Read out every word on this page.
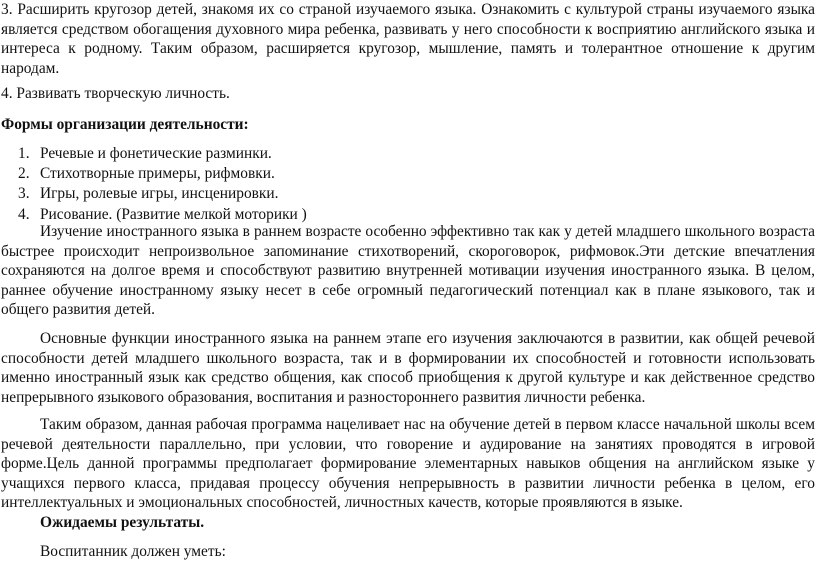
3. Расширить кругозор детей, знакомя их со страной изучаемого языка. Ознакомить с культурой страны изучаемого языка является средством обогащения духовного мира ребенка, развивать у него способности к восприятию английского языка и интереса к родному. Таким образом, расширяется кругозор, мышление, память и толерантное отношение к другим народам.

4. Развивать творческую личность.

Формы организации деятельности:

1. Речевые и фонетические разминки.
2. Стихотворные примеры, рифмовки.
3. Игры, ролевые игры, инсценировки.
4. Рисование. (Развитие мелкой моторики )

Изучение иностранного языка в раннем возрасте особенно эффективно так как у детей младшего школьного возраста быстрее происходит непроизвольное запоминание стихотворений, скороговорок, рифмовок.Эти детские впечатления сохраняются на долгое время и способствуют развитию внутренней мотивации изучения иностранного языка. В целом, раннее обучение иностранному языку несет в себе огромный педагогический потенциал как в плане языкового, так и общего развития детей.

Основные функции иностранного языка на раннем этапе его изучения заключаются в развитии, как общей речевой способности детей младшего школьного возраста, так и в формировании их способностей и готовности использовать именно иностранный язык как средство общения, как способ приобщения к другой культуре и как действенное средство непрерывного языкового образования, воспитания и разностороннего развития личности ребенка.

Таким образом, данная рабочая программа нацеливает нас на обучение детей в первом классе начальной школы всем речевой деятельности параллельно, при условии, что говорение и аудирование на занятиях проводятся в игровой форме.Цель данной программы предполагает формирование элементарных навыков общения на английском языке у учащихся первого класса, придавая процессу обучения непрерывность в развитии личности ребенка в целом, его интеллектуальных и эмоциональных способностей, личностных качеств, которые проявляются в языке.

Ожидаемы результаты.

Воспитанник должен уметь:
